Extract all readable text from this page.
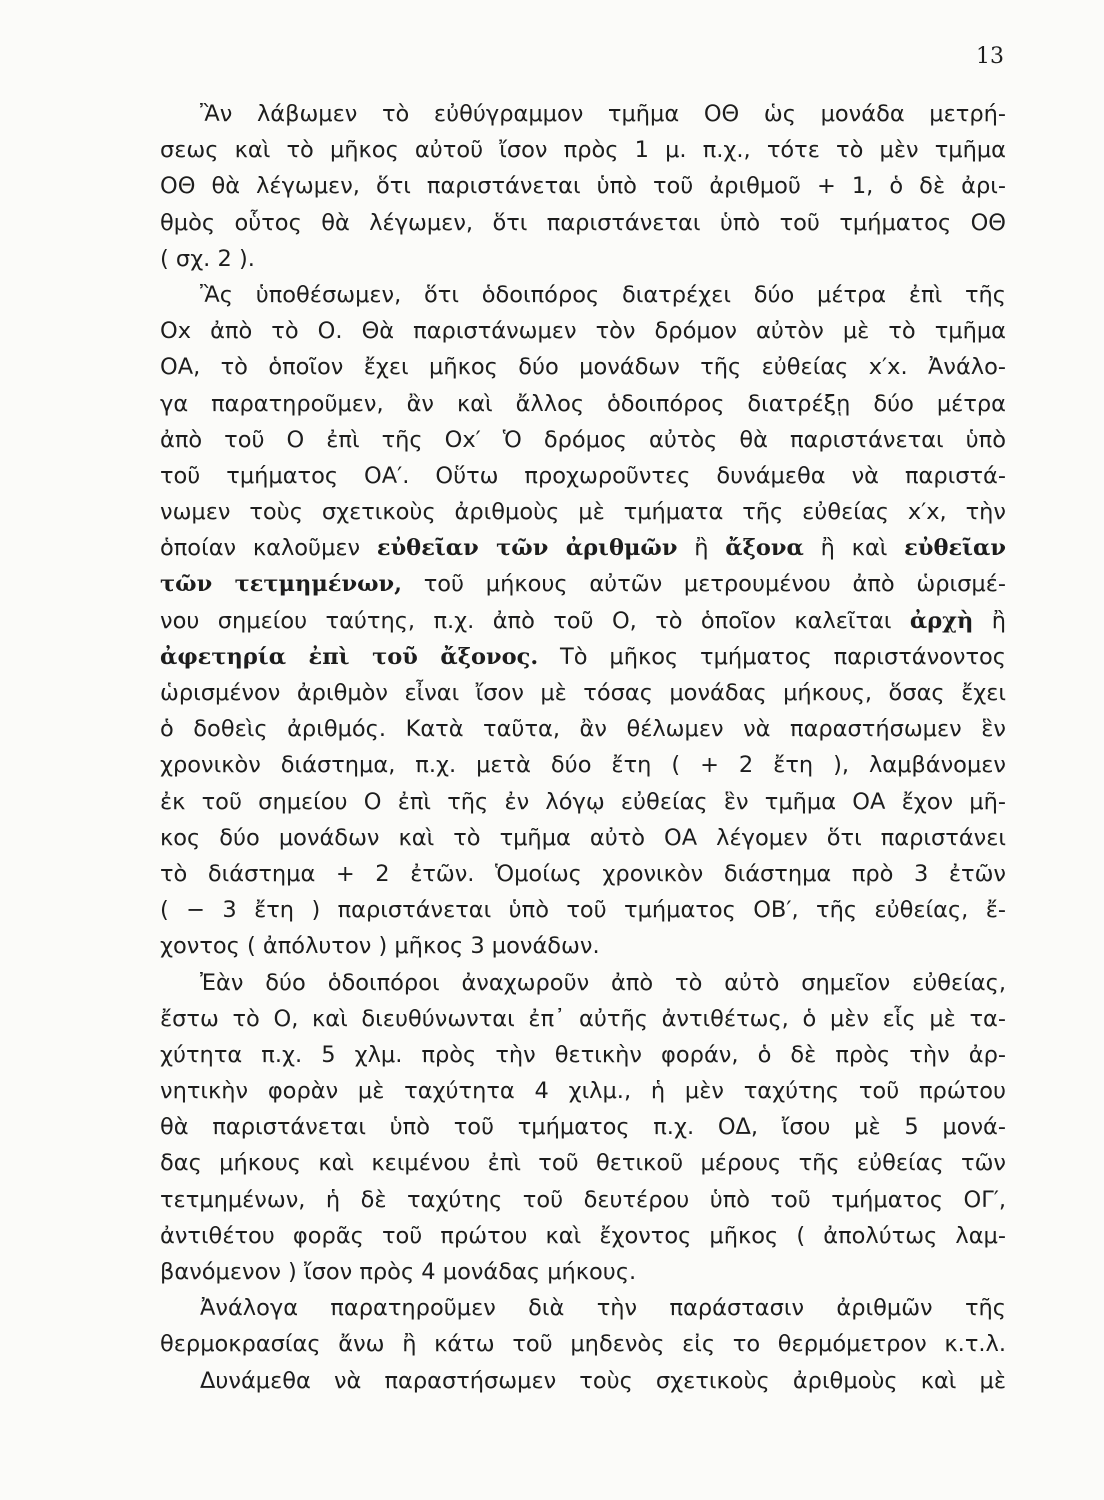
13
Ἂν λάβωμεν τὸ εὐθύγραμμον τμῆμα ΟΘ ὡς μονάδα μετρή-
σεως καὶ τὸ μῆκος αὐτοῦ ἴσον πρὸς 1 μ. π.χ., τότε τὸ μὲν τμῆμα
ΟΘ θὰ λέγωμεν, ὅτι παριστάνεται ὑπὸ τοῦ ἀριθμοῦ + 1, ὁ δὲ ἀρι-
θμὸς οὗτος θὰ λέγωμεν, ὅτι παριστάνεται ὑπὸ τοῦ τμήματος ΟΘ
( σχ. 2 ).
Ἂς ὑποθέσωμεν, ὅτι ὁδοιπόρος διατρέχει δύο μέτρα ἐπὶ τῆς
Ox ἀπὸ τὸ Ο. Θὰ παριστάνωμεν τὸν δρόμον αὐτὸν μὲ τὸ τμῆμα
ΟΑ, τὸ ὁποῖον ἔχει μῆκος δύο μονάδων τῆς εὐθείας x′x. Ἀνάλο-
γα παρατηροῦμεν, ἂν καὶ ἄλλος ὁδοιπόρος διατρέξῃ δύο μέτρα
ἀπὸ τοῦ Ο ἐπὶ τῆς Ox′ Ὁ δρόμος αὐτὸς θὰ παριστάνεται ὑπὸ
τοῦ τμήματος ΟΑ′. Οὕτω προχωροῦντες δυνάμεθα νὰ παριστά-
νωμεν τοὺς σχετικοὺς ἀριθμοὺς μὲ τμήματα τῆς εὐθείας x′x, τὴν
ὁποίαν καλοῦμεν εὐθεῖαν τῶν ἀριθμῶν ἢ ἄξονα ἢ καὶ εὐθεῖαν
τῶν τετμημένων, τοῦ μήκους αὐτῶν μετρουμένου ἀπὸ ὡρισμέ-
νου σημείου ταύτης, π.χ. ἀπὸ τοῦ Ο, τὸ ὁποῖον καλεῖται ἀρχὴ ἢ
ἀφετηρία ἐπὶ τοῦ ἄξονος. Τὸ μῆκος τμήματος παριστάνοντος
ὡρισμένον ἀριθμὸν εἶναι ἴσον μὲ τόσας μονάδας μήκους, ὅσας ἔχει
ὁ δοθεὶς ἀριθμός. Κατὰ ταῦτα, ἂν θέλωμεν νὰ παραστήσωμεν ἓν
χρονικὸν διάστημα, π.χ. μετὰ δύο ἔτη ( + 2 ἔτη ), λαμβάνομεν
ἐκ τοῦ σημείου Ο ἐπὶ τῆς ἐν λόγῳ εὐθείας ἓν τμῆμα ΟΑ ἔχον μῆ-
κος δύο μονάδων καὶ τὸ τμῆμα αὐτὸ ΟΑ λέγομεν ὅτι παριστάνει
τὸ διάστημα + 2 ἐτῶν. Ὁμοίως χρονικὸν διάστημα πρὸ 3 ἐτῶν
( − 3 ἔτη ) παριστάνεται ὑπὸ τοῦ τμήματος ΟΒ′, τῆς εὐθείας, ἔ-
χοντος ( ἀπόλυτον ) μῆκος 3 μονάδων.
Ἐὰν δύο ὁδοιπόροι ἀναχωροῦν ἀπὸ τὸ αὐτὸ σημεῖον εὐθείας,
ἔστω τὸ Ο, καὶ διευθύνωνται ἐπ᾽ αὐτῆς ἀντιθέτως, ὁ μὲν εἷς μὲ τα-
χύτητα π.χ. 5 χλμ. πρὸς τὴν θετικὴν φοράν, ὁ δὲ πρὸς τὴν ἀρ-
νητικὴν φορὰν μὲ ταχύτητα 4 χιλμ., ἡ μὲν ταχύτης τοῦ πρώτου
θὰ παριστάνεται ὑπὸ τοῦ τμήματος π.χ. ΟΔ, ἴσου μὲ 5 μονά-
δας μήκους καὶ κειμένου ἐπὶ τοῦ θετικοῦ μέρους τῆς εὐθείας τῶν
τετμημένων, ἡ δὲ ταχύτης τοῦ δευτέρου ὑπὸ τοῦ τμήματος ΟΓ′,
ἀντιθέτου φορᾶς τοῦ πρώτου καὶ ἔχοντος μῆκος ( ἀπολύτως λαμ-
βανόμενον ) ἴσον πρὸς 4 μονάδας μήκους.
Ἀνάλογα παρατηροῦμεν διὰ τὴν παράστασιν ἀριθμῶν τῆς
θερμοκρασίας ἄνω ἢ κάτω τοῦ μηδενὸς εἰς το θερμόμετρον κ.τ.λ.
Δυνάμεθα νὰ παραστήσωμεν τοὺς σχετικοὺς ἀριθμοὺς καὶ μὲ
